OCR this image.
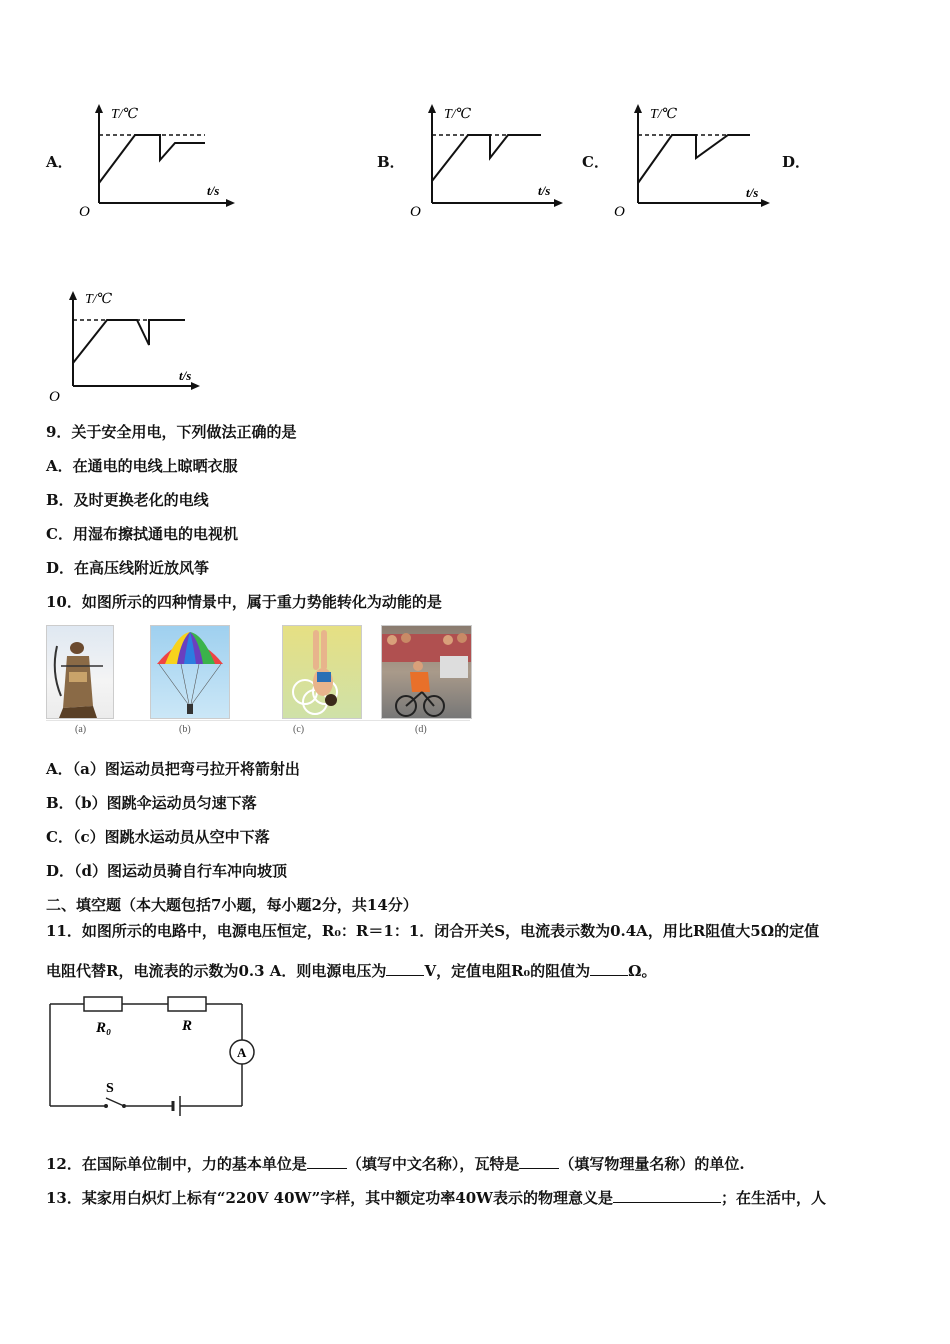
A．	B．	C．	D．
T/℃
t/s
O
T/℃
t/s
O
T/℃
t/s
O
T/℃
t/s
O
9．关于安全用电，下列做法正确的是
A．在通电的电线上晾晒衣服
B．及时更换老化的电线
C．用湿布擦拭通电的电视机
D．在高压线附近放风筝
10．如图所示的四种情景中，属于重力势能转化为动能的是
(a)	(b)	(c)	(d)
A．（a）图运动员把弯弓拉开将箭射出
B．（b）图跳伞运动员匀速下落
C．（c）图跳水运动员从空中下落
D．（d）图运动员骑自行车冲向坡顶
二、填空题（本大题包括7小题，每小题2分，共14分）
11．如图所示的电路中，电源电压恒定，R₀：R＝1：1．闭合开关S，电流表示数为0.4A，用比R阻值大5Ω的定值
电阻代替R，电流表的示数为0.3 A．则电源电压为	V，定值电阻R₀的阻值为	Ω。
R₀	R
A
S
12．在国际单位制中，力的基本单位是	（填写中文名称），瓦特是	（填写物理量名称）的单位.
13．某家用白炽灯上标有“220V 40W”字样，其中额定功率40W表示的物理意义是	；在生活中，人
